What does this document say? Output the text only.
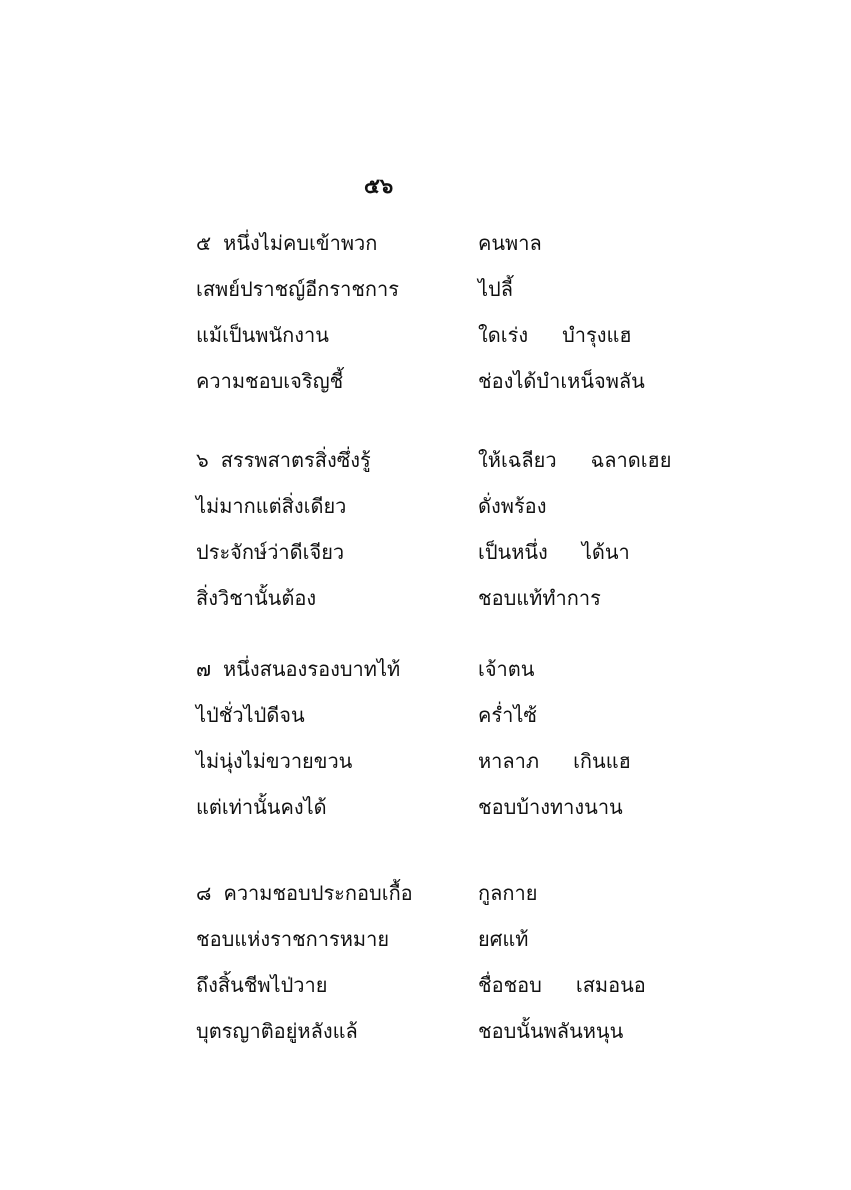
๕๖
๕ หนึ่งไม่คบเข้าพวก	คนพาล
เสพย์ปราชญ์อีกราชการ	ไปลี้
แม้เป็นพนักงาน	ใดเร่ง บำรุงแฮ
ความชอบเจริญชี้	ช่องได้บำเหน็จพลัน
๖ สรรพสาตรสิ่งซึ่งรู้	ให้เฉลียว ฉลาดเฮย
ไม่มากแต่สิ่งเดียว	ดั่งพร้อง
ประจักษ์ว่าดีเจียว	เป็นหนึ่ง ได้นา
สิ่งวิชานั้นต้อง	ชอบแท้ทำการ
๗ หนึ่งสนองรองบาทไท้	เจ้าตน
ไป่ชั่วไป่ดีจน	คร่ำไซ้
ไม่นุ่งไม่ขวายขวน	หาลาภ เกินแฮ
แต่เท่านั้นคงได้	ชอบบ้างทางนาน
๘ ความชอบประกอบเกื้อ	กูลกาย
ชอบแห่งราชการหมาย	ยศแท้
ถึงสิ้นชีพไป่วาย	ชื่อชอบ เสมอนอ
บุตรญาติอยู่หลังแล้	ชอบนั้นพลันหนุน
